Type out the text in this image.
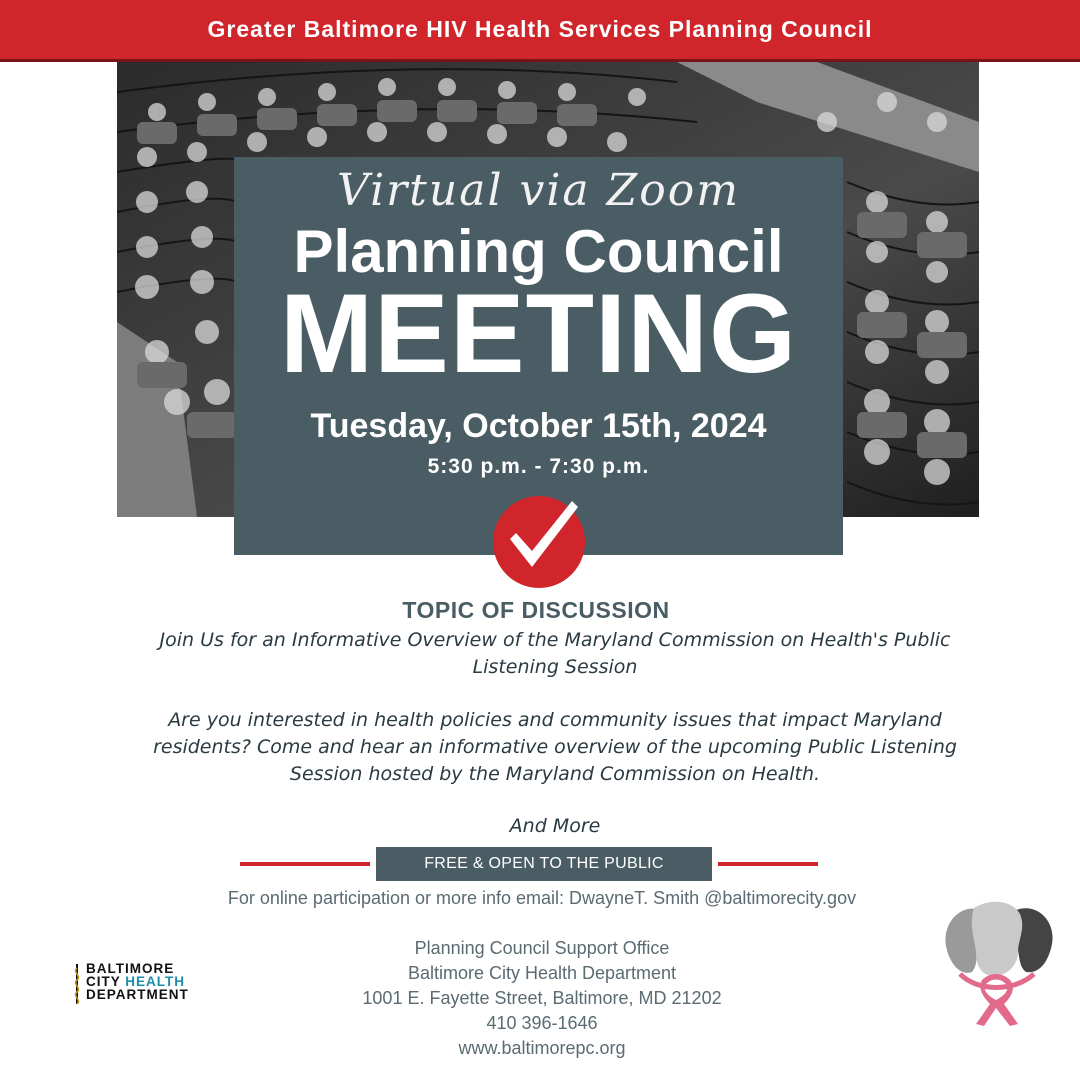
Greater Baltimore HIV Health Services Planning Council
Virtual via Zoom
Planning Council
MEETING
Tuesday, October 15th, 2024
5:30 p.m. - 7:30 p.m.
TOPIC OF DISCUSSION
Join Us for an Informative Overview of the Maryland Commission on Health's Public
Listening Session
Are you interested in health policies and community issues that impact Maryland
residents? Come and hear an informative overview of the upcoming Public Listening
Session hosted by the Maryland Commission on Health.
And More
FREE & OPEN TO THE PUBLIC
For online participation or more info email: DwayneT. Smith @baltimorecity.gov
Planning Council Support Office
Baltimore City Health Department
1001 E. Fayette Street, Baltimore, MD 21202
410 396-1646
www.baltimorepc.org
BALTIMORE
CITY HEALTH
DEPARTMENT
